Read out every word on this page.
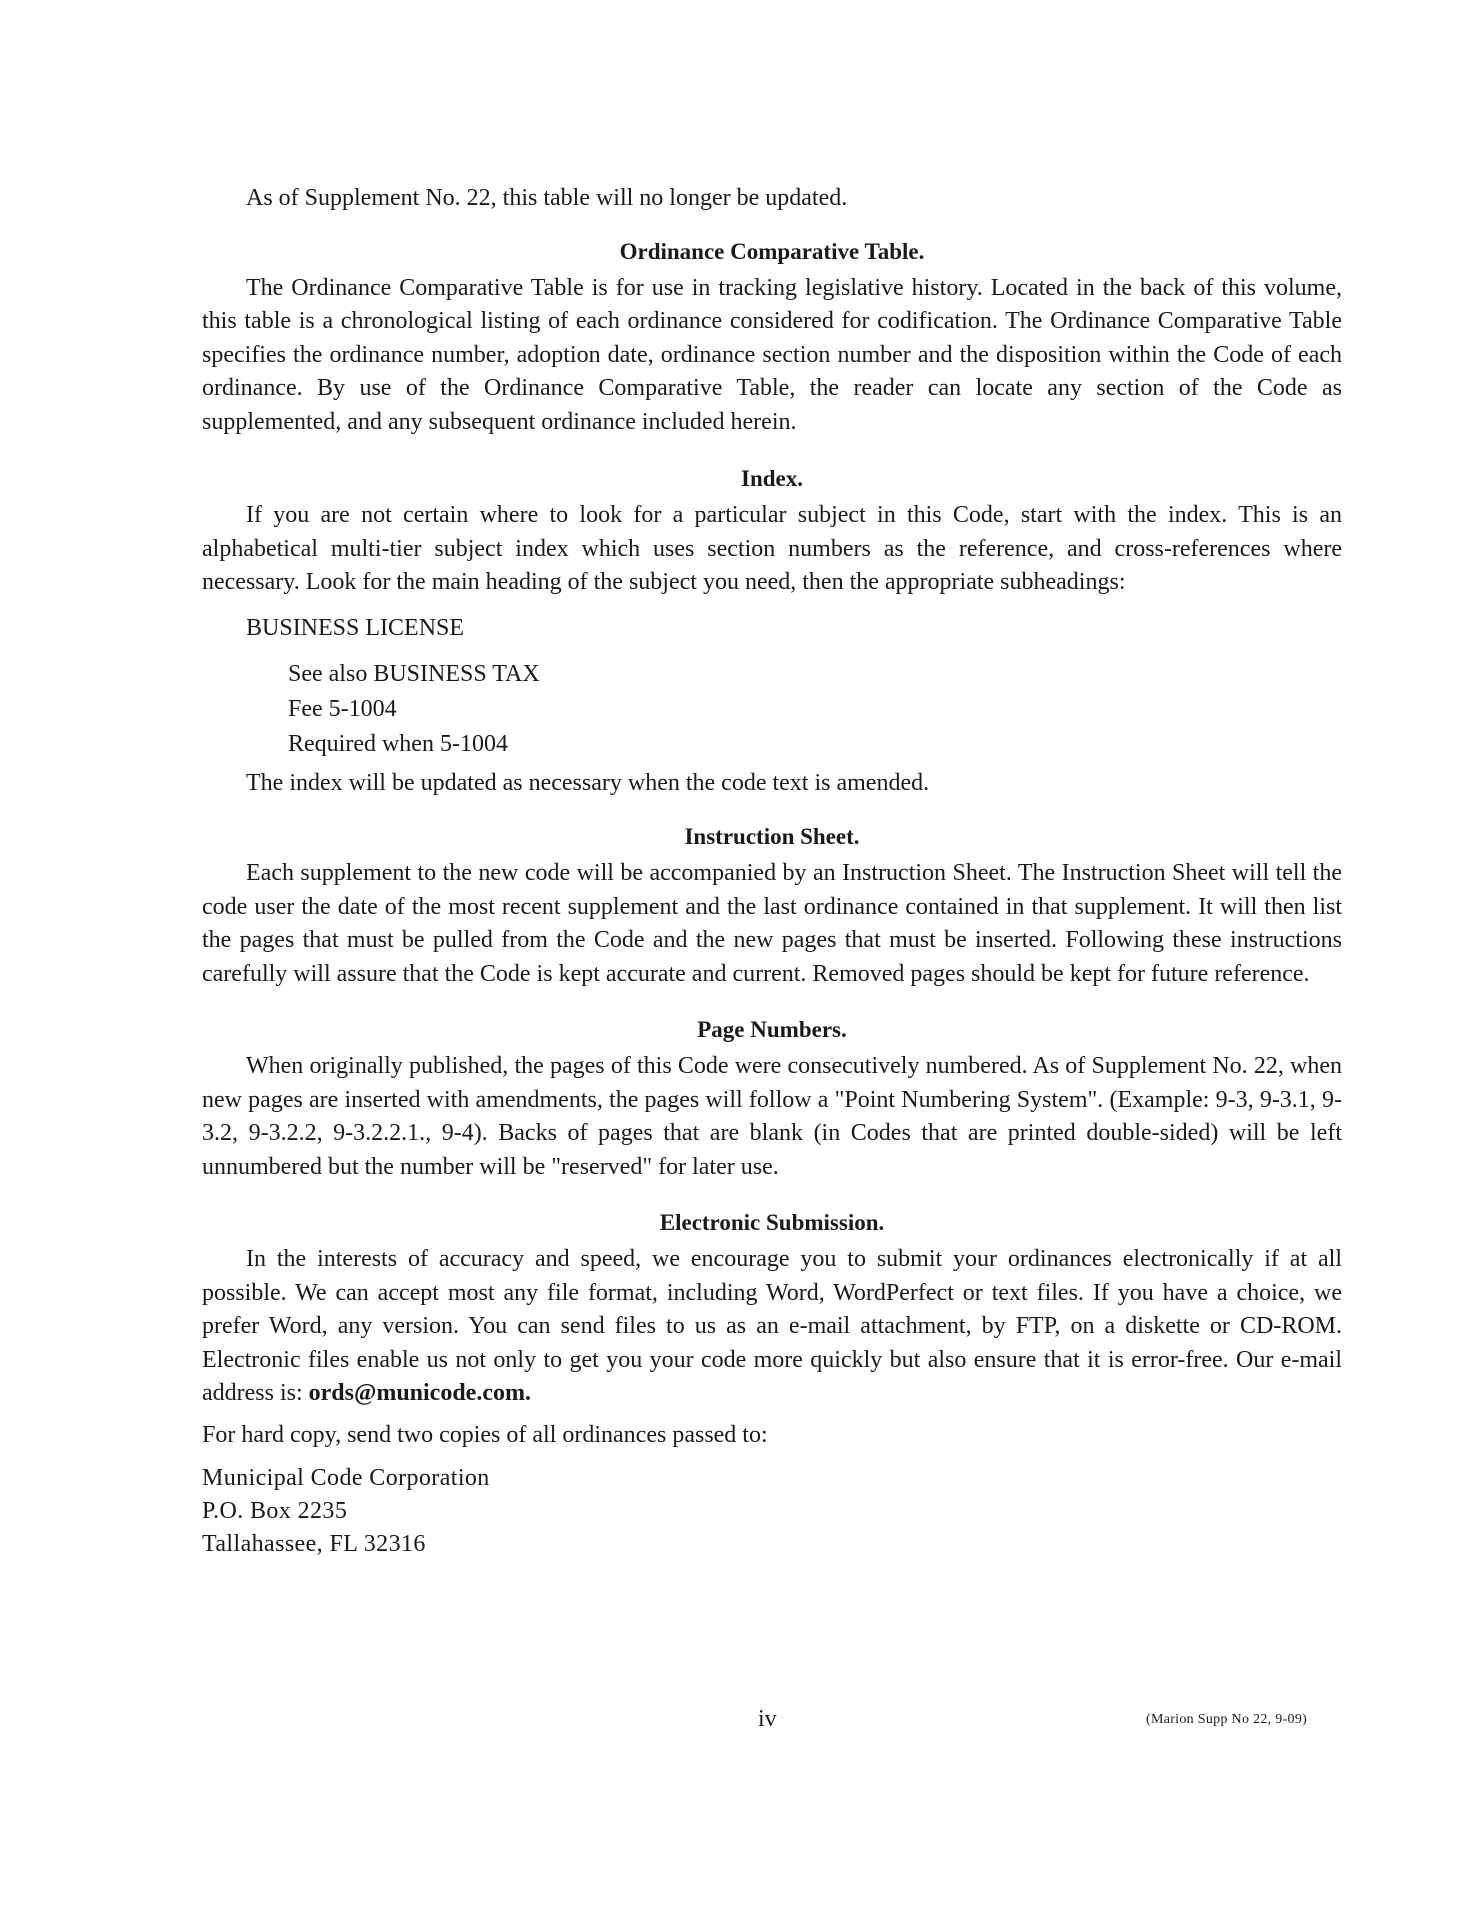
As of Supplement No. 22, this table will no longer be updated.

Ordinance Comparative Table.

The Ordinance Comparative Table is for use in tracking legislative history. Located in the back of this volume, this table is a chronological listing of each ordinance considered for codification. The Ordinance Comparative Table specifies the ordinance number, adoption date, ordinance section number and the disposition within the Code of each ordinance. By use of the Ordinance Comparative Table, the reader can locate any section of the Code as supplemented, and any subsequent ordinance included herein.

Index.

If you are not certain where to look for a particular subject in this Code, start with the index. This is an alphabetical multi-tier subject index which uses section numbers as the reference, and cross-references where necessary. Look for the main heading of the subject you need, then the appropriate subheadings:

BUSINESS LICENSE
See also BUSINESS TAX
Fee 5-1004
Required when 5-1004

The index will be updated as necessary when the code text is amended.

Instruction Sheet.

Each supplement to the new code will be accompanied by an Instruction Sheet. The Instruction Sheet will tell the code user the date of the most recent supplement and the last ordinance contained in that supplement. It will then list the pages that must be pulled from the Code and the new pages that must be inserted. Following these instructions carefully will assure that the Code is kept accurate and current. Removed pages should be kept for future reference.

Page Numbers.

When originally published, the pages of this Code were consecutively numbered. As of Supplement No. 22, when new pages are inserted with amendments, the pages will follow a "Point Numbering System". (Example: 9-3, 9-3.1, 9-3.2, 9-3.2.2, 9-3.2.2.1., 9-4). Backs of pages that are blank (in Codes that are printed double-sided) will be left unnumbered but the number will be "reserved" for later use.

Electronic Submission.

In the interests of accuracy and speed, we encourage you to submit your ordinances electronically if at all possible. We can accept most any file format, including Word, WordPerfect or text files. If you have a choice, we prefer Word, any version. You can send files to us as an e-mail attachment, by FTP, on a diskette or CD-ROM. Electronic files enable us not only to get you your code more quickly but also ensure that it is error-free. Our e-mail address is: ords@municode.com.

For hard copy, send two copies of all ordinances passed to:
Municipal Code Corporation
P.O. Box 2235
Tallahassee, FL 32316
iv	(Marion Supp No 22, 9-09)
